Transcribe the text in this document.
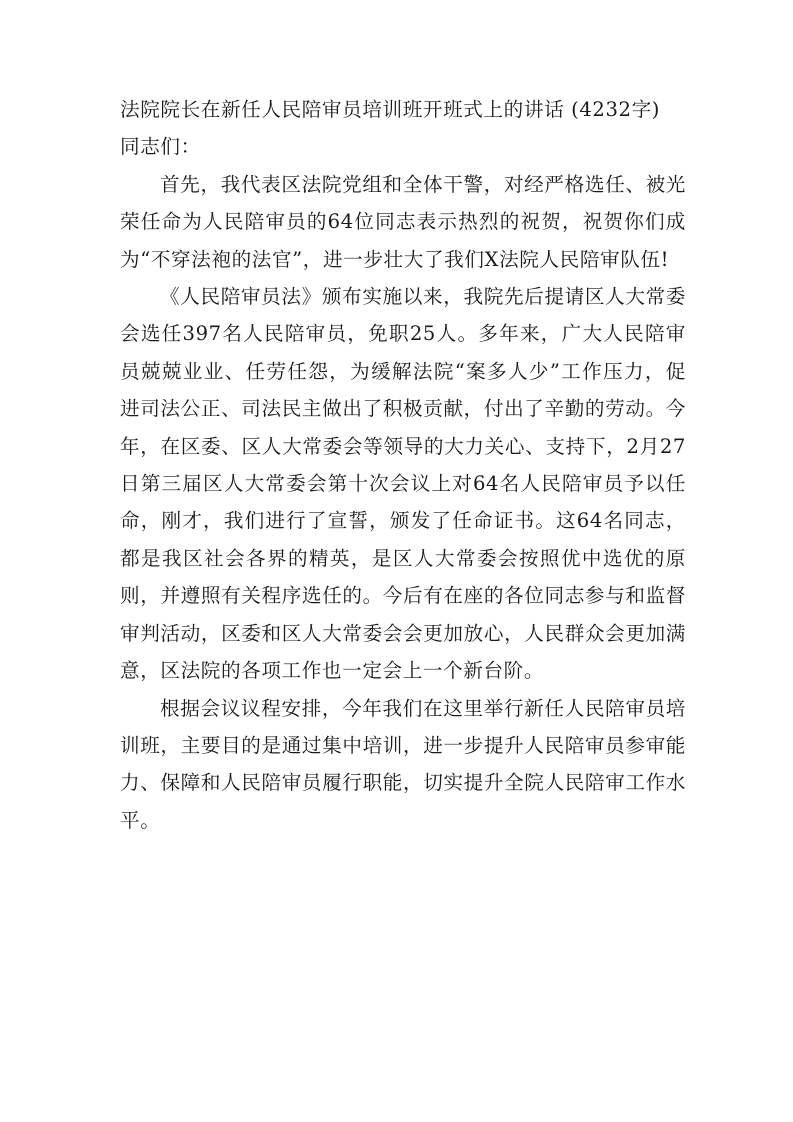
法院院长在新任人民陪审员培训班开班式上的讲话 (4232字)

同志们：

首先，我代表区法院党组和全体干警，对经严格选任、被光荣任命为人民陪审员的64位同志表示热烈的祝贺，祝贺你们成为“不穿法袍的法官”，进一步壮大了我们X法院人民陪审队伍!

《人民陪审员法》颁布实施以来，我院先后提请区人大常委会选任397名人民陪审员，免职25人。多年来，广大人民陪审员兢兢业业、任劳任怨，为缓解法院“案多人少”工作压力，促进司法公正、司法民主做出了积极贡献，付出了辛勤的劳动。今年，在区委、区人大常委会等领导的大力关心、支持下，2月27日第三届区人大常委会第十次会议上对64名人民陪审员予以任命，刚才，我们进行了宣誓，颁发了任命证书。这64名同志，都是我区社会各界的精英，是区人大常委会按照优中选优的原则，并遵照有关程序选任的。今后有在座的各位同志参与和监督审判活动，区委和区人大常委会会更加放心，人民群众会更加满意，区法院的各项工作也一定会上一个新台阶。

根据会议议程安排，今年我们在这里举行新任人民陪审员培训班，主要目的是通过集中培训，进一步提升人民陪审员参审能力、保障和人民陪审员履行职能，切实提升全院人民陪审工作水平。
